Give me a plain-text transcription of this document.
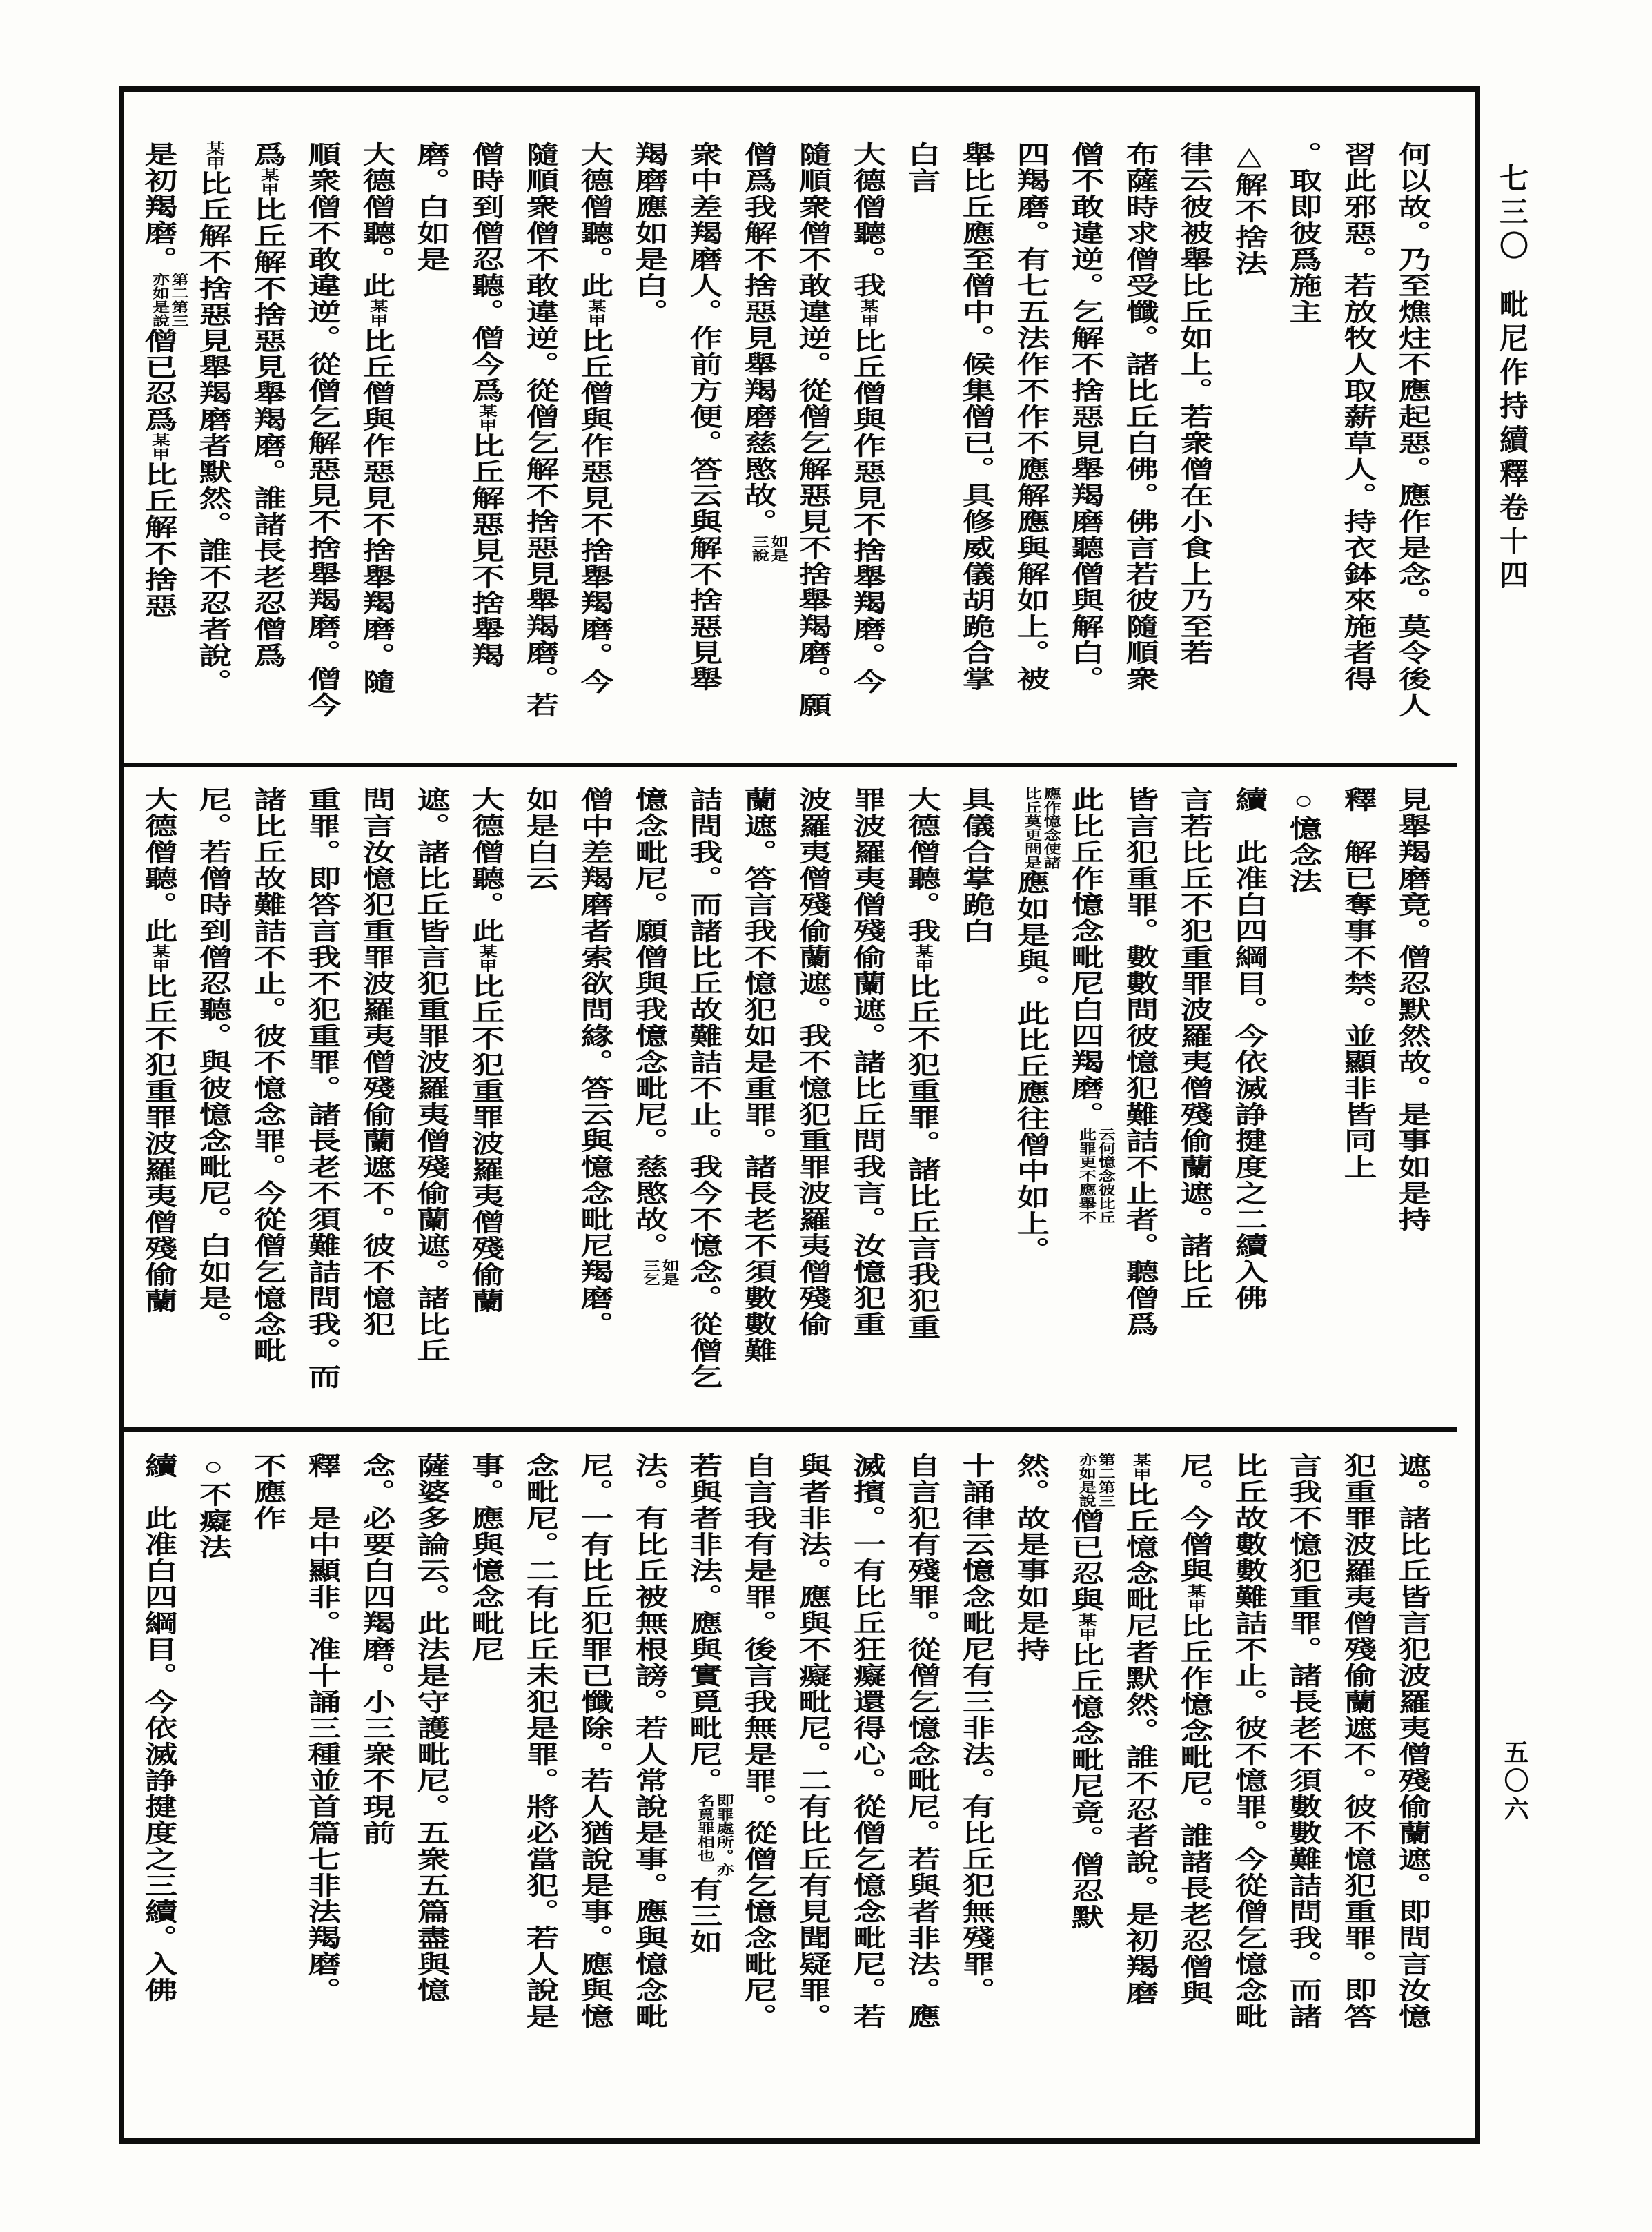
七三〇毗尼作持續釋卷十四
五〇六
何以故。乃至燋炷不應起惡。應作是念。莫令後人
習此邪惡。若放牧人取薪草人。持衣鉢來施者得
。取即彼爲施主
△解不捨法
律云彼被舉比丘如上。若衆僧在小食上乃至若
布薩時求僧受懺。諸比丘白佛。佛言若彼隨順衆
僧不敢違逆。乞解不捨惡見舉羯磨聽僧與解白。
四羯磨。有七五法作不作不應解應與解如上。被
舉比丘應至僧中。候集僧已。具修威儀胡跪合掌
白言
大德僧聽。我某甲比丘僧與作惡見不捨舉羯磨。今
隨順衆僧不敢違逆。從僧乞解惡見不捨舉羯磨。願
僧爲我解不捨惡見舉羯磨慈愍故。
如是
三說
衆中差羯磨人。作前方便。答云與解不捨惡見舉
羯磨應如是白。
大德僧聽。此某甲比丘僧與作惡見不捨舉羯磨。今
隨順衆僧不敢違逆。從僧乞解不捨惡見舉羯磨。若
僧時到僧忍聽。僧今爲某甲比丘解惡見不捨舉羯
磨。白如是
大德僧聽。此某甲比丘僧與作惡見不捨舉羯磨。隨
順衆僧不敢違逆。從僧乞解惡見不捨舉羯磨。僧今
爲某甲比丘解不捨惡見舉羯磨。誰諸長老忍僧爲
某甲比丘解不捨惡見舉羯磨者默然。誰不忍者說。
是初羯磨。
第二第三
亦如是說
僧已忍爲某甲比丘解不捨惡
見舉羯磨竟。僧忍默然故。是事如是持
釋　解已奪事不禁。並顯非皆同上
○憶念法
續　此准白四綱目。今依滅諍揵度之二續入佛
言若比丘不犯重罪波羅夷僧殘偷蘭遮。諸比丘
皆言犯重罪。數數問彼憶犯難詰不止者。聽僧爲
此比丘作憶念毗尼白四羯磨。
云何憶念彼比丘
此罪更不應舉不
應作憶念使諸
比丘莫更問是
應如是與。此比丘應往僧中如上。
具儀合掌跪白
大德僧聽。我某甲比丘不犯重罪。諸比丘言我犯重
罪波羅夷僧殘偷蘭遮。諸比丘問我言。汝憶犯重
波羅夷僧殘偷蘭遮。我不憶犯重罪波羅夷僧殘偷
蘭遮。答言我不憶犯如是重罪。諸長老不須數數難
詰問我。而諸比丘故難詰不止。我今不憶念。從僧乞
憶念毗尼。願僧與我憶念毗尼。慈愍故。
如是
三乞
僧中差羯磨者索欲問緣。答云與憶念毗尼羯磨。
如是白云
大德僧聽。此某甲比丘不犯重罪波羅夷僧殘偷蘭
遮。諸比丘皆言犯重罪波羅夷僧殘偷蘭遮。諸比丘
問言汝憶犯重罪波羅夷僧殘偷蘭遮不。彼不憶犯
重罪。即答言我不犯重罪。諸長老不須難詰問我。而
諸比丘故難詰不止。彼不憶念罪。今從僧乞憶念毗
尼。若僧時到僧忍聽。與彼憶念毗尼。白如是。
大德僧聽。此某甲比丘不犯重罪波羅夷僧殘偷蘭
遮。諸比丘皆言犯波羅夷僧殘偷蘭遮。即問言汝憶
犯重罪波羅夷僧殘偷蘭遮不。彼不憶犯重罪。即答
言我不憶犯重罪。諸長老不須數數難詰問我。而諸
比丘故數數難詰不止。彼不憶罪。今從僧乞憶念毗
尼。今僧與某甲比丘作憶念毗尼。誰諸長老忍僧與
某甲比丘憶念毗尼者默然。誰不忍者說。是初羯磨
第二第三
亦如是說
僧已忍與某甲比丘憶念毗尼竟。僧忍默
然。故是事如是持
十誦律云憶念毗尼有三非法。有比丘犯無殘罪。
自言犯有殘罪。從僧乞憶念毗尼。若與者非法。應
滅擯。一有比丘狂癡還得心。從僧乞憶念毗尼。若
與者非法。應與不癡毗尼。二有比丘有見聞疑罪。
自言我有是罪。後言我無是罪。從僧乞憶念毗尼。
若與者非法。應與實覓毗尼。
即罪處所。亦
名覓罪相也
有三如
法。有比丘被無根謗。若人常說是事。應與憶念毗
尼。一有比丘犯罪已懺除。若人猶說是事。應與憶
念毗尼。二有比丘未犯是罪。將必當犯。若人說是
事。應與憶念毗尼
薩婆多論云。此法是守護毗尼。五衆五篇盡與憶
念。必要白四羯磨。小三衆不現前
釋　是中顯非。准十誦三種並首篇七非法羯磨。
不應作
○不癡法
續　此准白四綱目。今依滅諍揵度之三續。入佛
